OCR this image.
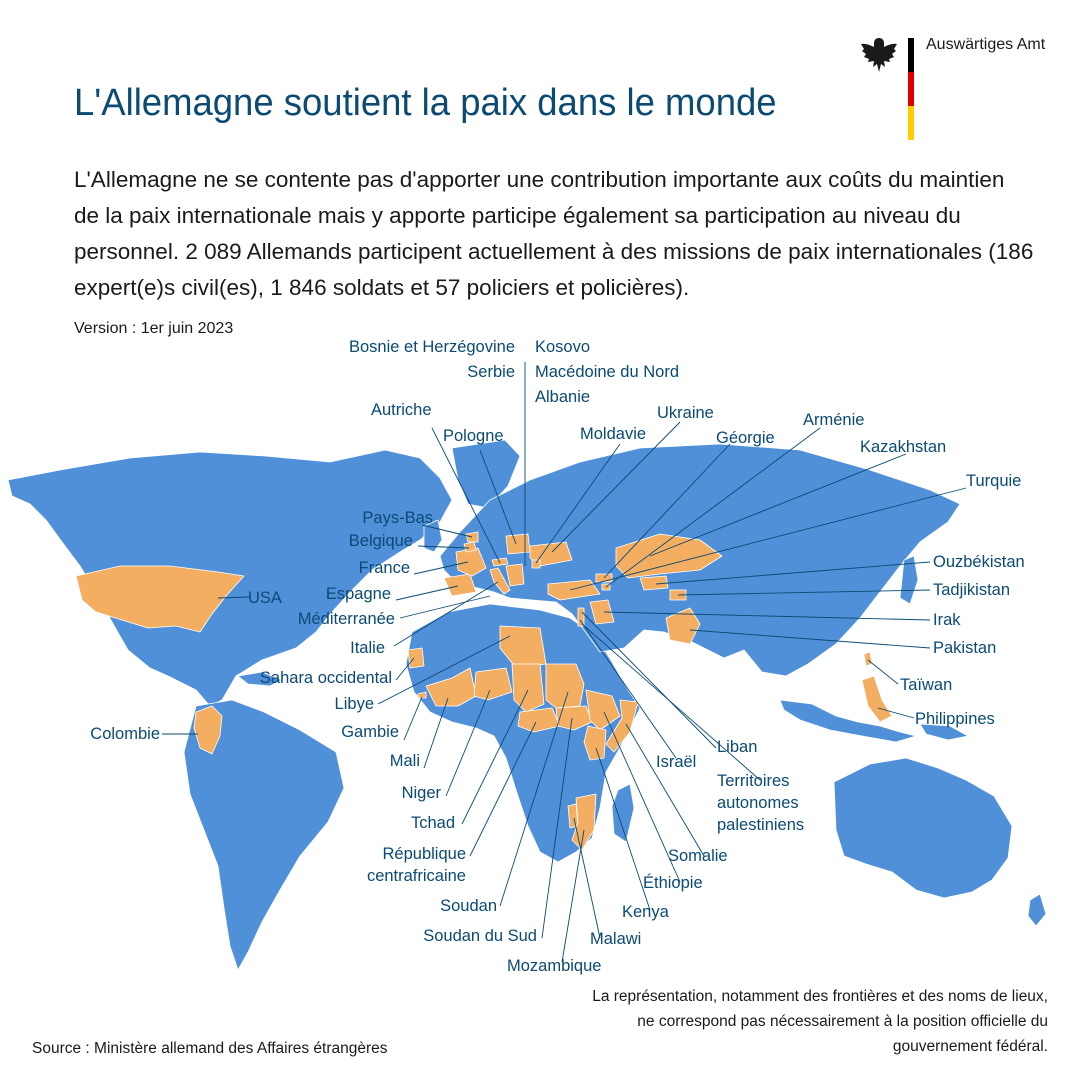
Auswärtiges Amt
L'Allemagne soutient la paix dans le monde

L'Allemagne ne se contente pas d'apporter une contribution importante aux coûts du maintien de la paix internationale mais y apporte participe également sa participation au niveau du personnel. 2 089 Allemands participent actuellement à des missions de paix internationales (186 expert(e)s civil(es), 1 846 soldats et 57 policiers et policières).

Version : 1er juin 2023
Bosnie et Herzégovine
Serbie
Kosovo
Macédoine du Nord
Albanie
Autriche
Pologne	Moldavie
Ukraine
Géorgie
Arménie
Kazakhstan
Turquie
Pays-Bas
Belgique
France
Espagne
Méditerranée
Italie
USA
Sahara occidental
Libye
Gambie
Mali
Niger
Tchad
République centrafricaine
Soudan
Soudan du Sud
Mozambique
Malawi
Kenya
Éthiopie
Somalie
Territoires autonomes palestiniens
Israël
Liban
Colombie
Ouzbékistan
Tadjikistan
Irak
Pakistan
Taïwan
Philippines
La représentation, notamment des frontières et des noms de lieux, ne correspond pas nécessairement à la position officielle du gouvernement fédéral.
Source : Ministère allemand des Affaires étrangères
